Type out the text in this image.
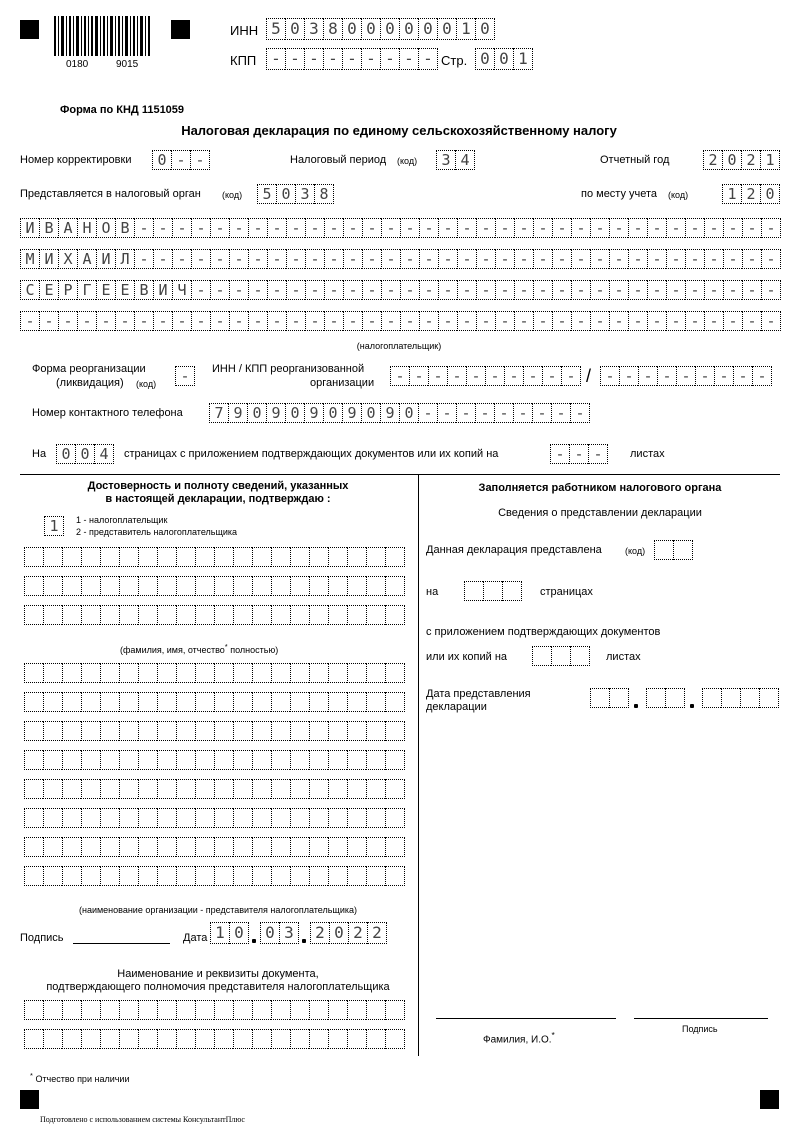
0180	9015
ИНН 5 0 3 8 0 0 0 0 0 0 1 0
КПП - - - - - - - - - Стр. 0 0 1
Форма по КНД 1151059
Налоговая декларация по единому сельскохозяйственному налогу
Номер корректировки	0 - -	Налоговый период (код)	3 4	Отчетный год	2 0 2 1
Представляется в налоговый орган (код)	5 0 3 8	по месту учета (код)	1 2 0
И В А Н О В - - - - - - - - - - - - - - - - - - - - - - - - - - - - - - - - - -
М И Х А И Л - - - - - - - - - - - - - - - - - - - - - - - - - - - - - - - - - -
С Е Р Г Е Е В И Ч - - - - - - - - - - - - - - - - - - - - - - - - - - - - - - -
- - - - - - - - - - - - - - - - - - - - - - - - - - - - - - - - - - - - - - - -
(налогоплательщик)
Форма реорганизации
(ликвидация) (код)	-	ИНН / КПП реорганизованной
организации	- - - - - - - - - - / - - - - - - - - -
Номер контактного телефона	7 9 0 9 0 9 0 9 0 9 0 - - - - - - - - -
На	0 0 4	страницах с приложением подтверждающих документов или их копий на	- - -	листах
Достоверность и полноту сведений, указанных
в настоящей декларации, подтверждаю :
1	1 - налогоплательщик
2 - представитель налогоплательщика
(фамилия, имя, отчество* полностью)
(наименование организации - представителя налогоплательщика)
Подпись	Дата 1 0	0 3	2 0 2 2
Наименование и реквизиты документа,
подтверждающего полномочия представителя налогоплательщика
Заполняется работником налогового органа
Сведения о представлении декларации
Данная декларация представлена	(код)
на	страницах
с приложением подтверждающих документов
или их копий на	листах
Дата представления
декларации
Фамилия, И.О.*
Подпись
* Отчество при наличии
Подготовлено с использованием системы КонсультантПлюс
